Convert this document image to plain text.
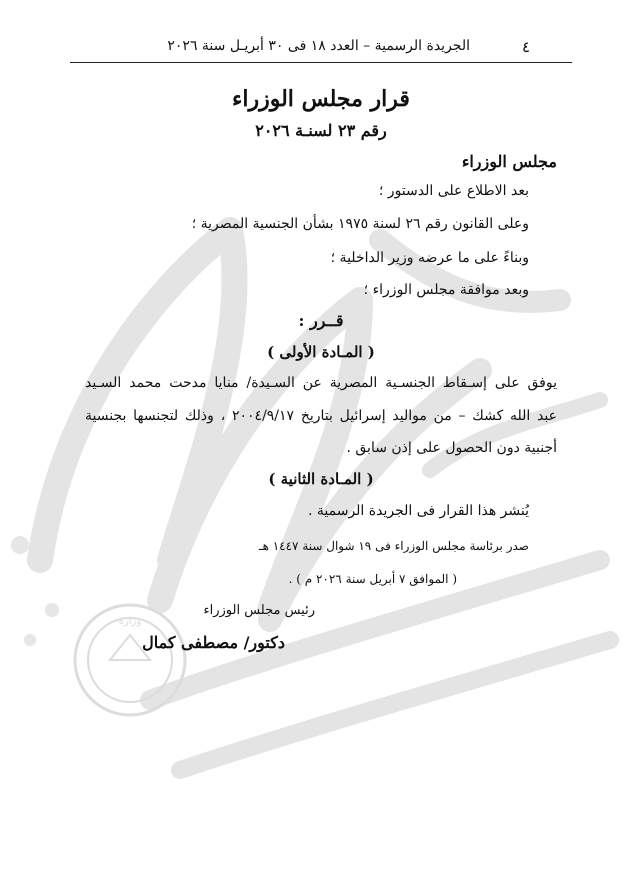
وزارة
٤
الجريدة الرسمية – العدد ١٨ فى ٣٠ أبريـل سنة ٢٠٢٦
قرار مجلس الوزراء
رقم ٢٣ لسنـة ٢٠٢٦
مجلس الوزراء
بعد الاطلاع على الدستور ؛
وعلى القانون رقم ٢٦ لسنة ١٩٧٥ بشأن الجنسية المصرية ؛
وبناءً على ما عرضه وزير الداخلية ؛
وبعد موافقة مجلس الوزراء ؛
قــرر :
( المـادة الأولى )
يوفق على إسـقاط الجنسـية المصرية عن السـيدة/ منايا مدحت محمد السـيد
عبد الله كشك – من مواليد إسرائيل بتاريخ ٢٠٠٤/٩/١٧ ، وذلك لتجنسها بجنسية
أجنبية دون الحصول على إذن سابق .
( المـادة الثانية )
يُنشر هذا القرار فى الجريدة الرسمية .
صدر برئاسة مجلس الوزراء فى ١٩ شوال سنة ١٤٤٧ هـ
( الموافق ٧ أبريل سنة ٢٠٢٦ م ) .
رئيس مجلس الوزراء
دكتور/ مصطفى كمال
